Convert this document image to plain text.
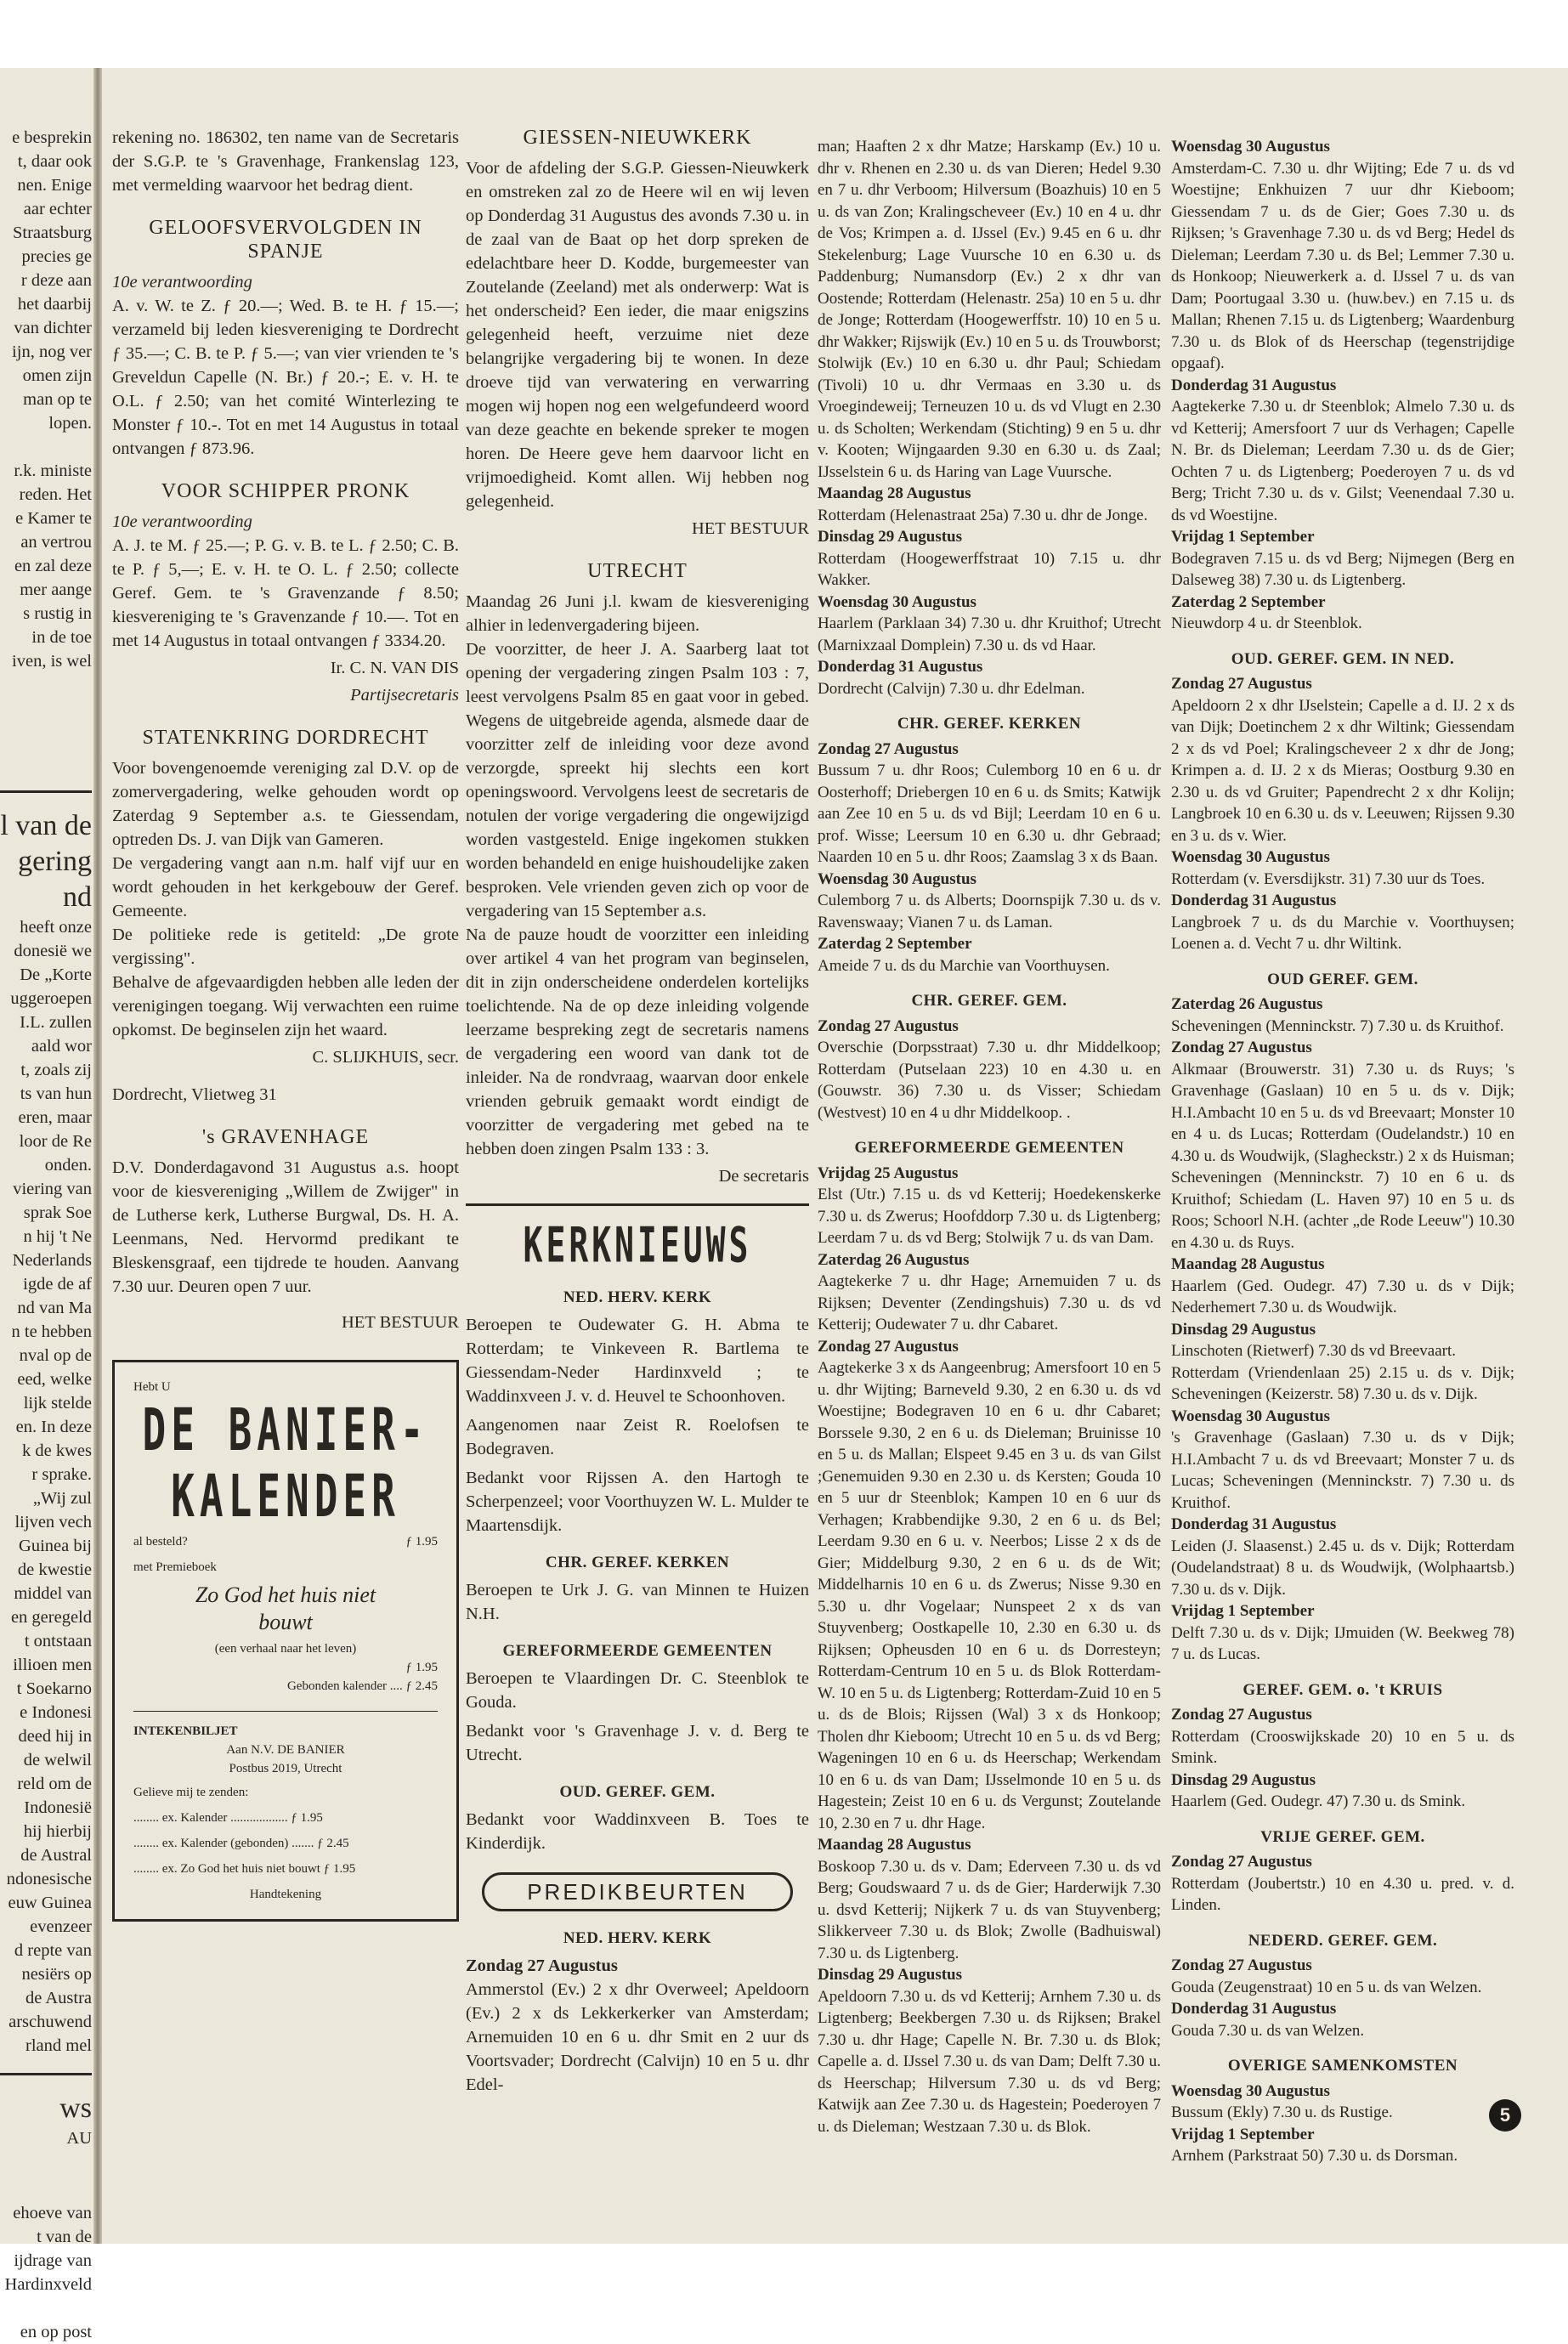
e besprekin
t, daar ook
nen. Enige
aar echter
Straatsburg
precies ge
r deze aan
het daarbij
van dichter
ijn, nog ver
omen zijn
man op te
lopen.

r.k. ministe
reden. Het
e Kamer te
an vertrou
en zal deze
mer aange
s rustig in
in de toe
iven, is wel
l van de
gering
nd
heeft onze
donesië we
De „Korte
uggeroepen
I.L. zullen
aald wor
t, zoals zij
ts van hun
eren, maar
loor de Re
onden.
viering van
sprak Soe
n hij 't Ne
Nederlands
igde de af
nd van Ma
n te hebben
nval op de
eed, welke
lijk stelde
en. In deze
k de kwes
r sprake.
„Wij zul
lijven vech
Guinea bij
de kwestie
middel van
en geregeld
t ontstaan
illioen men
t Soekarno
e Indonesi
deed hij in
de welwil
reld om de
Indonesië
hij hierbij
de Austral
ndonesische
euw Guinea
evenzeer
d repte van
nesiërs op
de Austra
arschuwend
rland mel
ws
AU
ehoeve van
t van de
ijdrage van
Hardinxveld

en op post

rekening no. 186302, ten name van de Secretaris der S.G.P. te 's Gravenhage, Frankenslag 123, met vermelding waarvoor het bedrag dient.

GELOOFSVERVOLGDEN IN SPANJE
10e verantwoording

A. v. W. te Z. ƒ 20.—; Wed. B. te H. ƒ 15.—; verzameld bij leden kiesvereniging te Dordrecht ƒ 35.—; C. B. te P. ƒ 5.—; van vier vrienden te 's Greveldun Capelle (N. Br.) ƒ 20.-; E. v. H. te O.L. ƒ 2.50; van het comité Winterlezing te Monster ƒ 10.-. Tot en met 14 Augustus in totaal ontvangen ƒ 873.96.

VOOR SCHIPPER PRONK
10e verantwoording

A. J. te M. ƒ 25.—; P. G. v. B. te L. ƒ 2.50; C. B. te P. ƒ 5,—; E. v. H. te O. L. ƒ 2.50; collecte Geref. Gem. te 's Gravenzande ƒ 8.50; kiesvereniging te 's Gravenzande ƒ 10.—. Tot en met 14 Augustus in totaal ontvangen ƒ 3334.20.

Ir. C. N. VAN DIS
Partijsecretaris
STATENKRING DORDRECHT

Voor bovengenoemde vereniging zal D.V. op de zomervergadering, welke gehouden wordt op Zaterdag 9 September a.s. te Giessendam, optreden Ds. J. van Dijk van Gameren.

De vergadering vangt aan n.m. half vijf uur en wordt gehouden in het kerkgebouw der Geref. Gemeente.

De politieke rede is getiteld: „De grote vergissing".

Behalve de afgevaardigden hebben alle leden der verenigingen toegang. Wij verwachten een ruime opkomst. De beginselen zijn het waard.

C. SLIJKHUIS, secr.

Dordrecht, Vlietweg 31

's GRAVENHAGE

D.V. Donderdagavond 31 Augustus a.s. hoopt voor de kiesvereniging „Willem de Zwijger" in de Lutherse kerk, Lutherse Burgwal, Ds. H. A. Leenmans, Ned. Hervormd predikant te Bleskensgraaf, een tijdrede te houden. Aanvang 7.30 uur. Deuren open 7 uur.

HET BESTUUR
Hebt U
DE BANIER-
KALENDER
al besteld?	ƒ 1.95
met Premieboek
Zo God het huis niet
bouwt
(een verhaal naar het leven)
ƒ 1.95
Gebonden kalender .... ƒ 2.45
INTEKENBILJET
Aan N.V. DE BANIER
Postbus 2019, Utrecht
Gelieve mij te zenden:
........ ex. Kalender .................. ƒ 1.95
........ ex. Kalender (gebonden) ....... ƒ 2.45
........ ex. Zo God het huis niet bouwt ƒ 1.95
Handtekening
GIESSEN-NIEUWKERK

Voor de afdeling der S.G.P. Giessen-Nieuwkerk en omstreken zal zo de Heere wil en wij leven op Donderdag 31 Augustus des avonds 7.30 u. in de zaal van de Baat op het dorp spreken de edelachtbare heer D. Kodde, burgemeester van Zoutelande (Zeeland) met als onderwerp: Wat is het onderscheid? Een ieder, die maar enigszins gelegenheid heeft, verzuime niet deze belangrijke vergadering bij te wonen. In deze droeve tijd van verwatering en verwarring mogen wij hopen nog een welgefundeerd woord van deze geachte en bekende spreker te mogen horen. De Heere geve hem daarvoor licht en vrijmoedigheid. Komt allen. Wij hebben nog gelegenheid.

HET BESTUUR
UTRECHT

Maandag 26 Juni j.l. kwam de kiesvereniging alhier in ledenvergadering bijeen.

De voorzitter, de heer J. A. Saarberg laat tot opening der vergadering zingen Psalm 103 : 7, leest vervolgens Psalm 85 en gaat voor in gebed. Wegens de uitgebreide agenda, alsmede daar de voorzitter zelf de inleiding voor deze avond verzorgde, spreekt hij slechts een kort openingswoord. Vervolgens leest de secretaris de notulen der vorige vergadering die ongewijzigd worden vastgesteld. Enige ingekomen stukken worden behandeld en enige huishoudelijke zaken besproken. Vele vrienden geven zich op voor de vergadering van 15 September a.s.

Na de pauze houdt de voorzitter een inleiding over artikel 4 van het program van beginselen, dit in zijn onderscheidene onderdelen kortelijks toelichtende. Na de op deze inleiding volgende leerzame bespreking zegt de secretaris namens de vergadering een woord van dank tot de inleider. Na de rondvraag, waarvan door enkele vrienden gebruik gemaakt wordt eindigt de voorzitter de vergadering met gebed na te hebben doen zingen Psalm 133 : 3.

De secretaris
KERKNIEUWS
NED. HERV. KERK

Beroepen te Oudewater G. H. Abma te Rotterdam; te Vinkeveen R. Bartlema te Giessendam-Neder Hardinxveld ; te Waddinxveen J. v. d. Heuvel te Schoonhoven.

Aangenomen naar Zeist R. Roelofsen te Bodegraven.

Bedankt voor Rijssen A. den Hartogh te Scherpenzeel; voor Voorthuyzen W. L. Mulder te Maartensdijk.

CHR. GEREF. KERKEN

Beroepen te Urk J. G. van Minnen te Huizen N.H.

GEREFORMEERDE GEMEENTEN

Beroepen te Vlaardingen Dr. C. Steenblok te Gouda.

Bedankt voor 's Gravenhage J. v. d. Berg te Utrecht.

OUD. GEREF. GEM.

Bedankt voor Waddinxveen B. Toes te Kinderdijk.

PREDIKBEURTEN
NED. HERV. KERK
Zondag 27 Augustus

Ammerstol (Ev.) 2 x dhr Overweel; Apeldoorn (Ev.) 2 x ds Lekkerkerker van Amsterdam; Arnemuiden 10 en 6 u. dhr Smit en 2 uur ds Voortsvader; Dordrecht (Calvijn) 10 en 5 u. dhr Edel-

man; Haaften 2 x dhr Matze; Harskamp (Ev.) 10 u. dhr v. Rhenen en 2.30 u. ds van Dieren; Hedel 9.30 en 7 u. dhr Verboom; Hilversum (Boazhuis) 10 en 5 u. ds van Zon; Kralingscheveer (Ev.) 10 en 4 u. dhr de Vos; Krimpen a. d. IJssel (Ev.) 9.45 en 6 u. dhr Stekelenburg; Lage Vuursche 10 en 6.30 u. ds Paddenburg; Numansdorp (Ev.) 2 x dhr van Oostende; Rotterdam (Helenastr. 25a) 10 en 5 u. dhr de Jonge; Rotterdam (Hoogewerffstr. 10) 10 en 5 u. dhr Wakker; Rijswijk (Ev.) 10 en 5 u. ds Trouwborst; Stolwijk (Ev.) 10 en 6.30 u. dhr Paul; Schiedam (Tivoli) 10 u. dhr Vermaas en 3.30 u. ds Vroegindeweij; Terneuzen 10 u. ds vd Vlugt en 2.30 u. ds Scholten; Werkendam (Stichting) 9 en 5 u. dhr v. Kooten; Wijngaarden 9.30 en 6.30 u. ds Zaal; IJsselstein 6 u. ds Haring van Lage Vuursche.

Maandag 28 Augustus

Rotterdam (Helenastraat 25a) 7.30 u. dhr de Jonge.

Dinsdag 29 Augustus

Rotterdam (Hoogewerffstraat 10) 7.15 u. dhr Wakker.

Woensdag 30 Augustus

Haarlem (Parklaan 34) 7.30 u. dhr Kruithof; Utrecht (Marnixzaal Domplein) 7.30 u. ds vd Haar.

Donderdag 31 Augustus

Dordrecht (Calvijn) 7.30 u. dhr Edelman.

CHR. GEREF. KERKEN
Zondag 27 Augustus

Bussum 7 u. dhr Roos; Culemborg 10 en 6 u. dr Oosterhoff; Driebergen 10 en 6 u. ds Smits; Katwijk aan Zee 10 en 5 u. ds vd Bijl; Leerdam 10 en 6 u. prof. Wisse; Leersum 10 en 6.30 u. dhr Gebraad; Naarden 10 en 5 u. dhr Roos; Zaamslag 3 x ds Baan.

Woensdag 30 Augustus

Culemborg 7 u. ds Alberts; Doornspijk 7.30 u. ds v. Ravenswaay; Vianen 7 u. ds Laman.

Zaterdag 2 September

Ameide 7 u. ds du Marchie van Voorthuysen.

CHR. GEREF. GEM.
Zondag 27 Augustus

Overschie (Dorpsstraat) 7.30 u. dhr Middelkoop; Rotterdam (Putselaan 223) 10 en 4.30 u. en (Gouwstr. 36) 7.30 u. ds Visser; Schiedam (Westvest) 10 en 4 u dhr Middelkoop. .

GEREFORMEERDE GEMEENTEN
Vrijdag 25 Augustus

Elst (Utr.) 7.15 u. ds vd Ketterij; Hoedekenskerke 7.30 u. ds Zwerus; Hoofddorp 7.30 u. ds Ligtenberg; Leerdam 7 u. ds vd Berg; Stolwijk 7 u. ds van Dam.

Zaterdag 26 Augustus

Aagtekerke 7 u. dhr Hage; Arnemuiden 7 u. ds Rijksen; Deventer (Zendingshuis) 7.30 u. ds vd Ketterij; Oudewater 7 u. dhr Cabaret.

Zondag 27 Augustus

Aagtekerke 3 x ds Aangeenbrug; Amersfoort 10 en 5 u. dhr Wijting; Barneveld 9.30, 2 en 6.30 u. ds vd Woestijne; Bodegraven 10 en 6 u. dhr Cabaret; Borssele 9.30, 2 en 6 u. ds Dieleman; Bruinisse 10 en 5 u. ds Mallan; Elspeet 9.45 en 3 u. ds van Gilst ;Genemuiden 9.30 en 2.30 u. ds Kersten; Gouda 10 en 5 uur dr Steenblok; Kampen 10 en 6 uur ds Verhagen; Krabbendijke 9.30, 2 en 6 u. ds Bel; Leerdam 9.30 en 6 u. v. Neerbos; Lisse 2 x ds de Gier; Middelburg 9.30, 2 en 6 u. ds de Wit; Middelharnis 10 en 6 u. ds Zwerus; Nisse 9.30 en 5.30 u. dhr Vogelaar; Nunspeet 2 x ds van Stuyvenberg; Oostkapelle 10, 2.30 en 6.30 u. ds Rijksen; Opheusden 10 en 6 u. ds Dorresteyn; Rotterdam-Centrum 10 en 5 u. ds Blok Rotterdam-W. 10 en 5 u. ds Ligtenberg; Rotterdam-Zuid 10 en 5 u. ds de Blois; Rijssen (Wal) 3 x ds Honkoop; Tholen dhr Kieboom; Utrecht 10 en 5 u. ds vd Berg; Wageningen 10 en 6 u. ds Heerschap; Werkendam 10 en 6 u. ds van Dam; IJsselmonde 10 en 5 u. ds Hagestein; Zeist 10 en 6 u. ds Vergunst; Zoutelande 10, 2.30 en 7 u. dhr Hage.

Maandag 28 Augustus

Boskoop 7.30 u. ds v. Dam; Ederveen 7.30 u. ds vd Berg; Goudswaard 7 u. ds de Gier; Harderwijk 7.30 u. dsvd Ketterij; Nijkerk 7 u. ds van Stuyvenberg; Slikkerveer 7.30 u. ds Blok; Zwolle (Badhuiswal) 7.30 u. ds Ligtenberg.

Dinsdag 29 Augustus

Apeldoorn 7.30 u. ds vd Ketterij; Arnhem 7.30 u. ds Ligtenberg; Beekbergen 7.30 u. ds Rijksen; Brakel 7.30 u. dhr Hage; Capelle N. Br. 7.30 u. ds Blok; Capelle a. d. IJssel 7.30 u. ds van Dam; Delft 7.30 u. ds Heerschap; Hilversum 7.30 u. ds vd Berg; Katwijk aan Zee 7.30 u. ds Hagestein; Poederoyen 7 u. ds Dieleman; Westzaan 7.30 u. ds Blok.

Woensdag 30 Augustus

Amsterdam-C. 7.30 u. dhr Wijting; Ede 7 u. ds vd Woestijne; Enkhuizen 7 uur dhr Kieboom; Giessendam 7 u. ds de Gier; Goes 7.30 u. ds Rijksen; 's Gravenhage 7.30 u. ds vd Berg; Hedel ds Dieleman; Leerdam 7.30 u. ds Bel; Lemmer 7.30 u. ds Honkoop; Nieuwerkerk a. d. IJssel 7 u. ds van Dam; Poortugaal 3.30 u. (huw.bev.) en 7.15 u. ds Mallan; Rhenen 7.15 u. ds Ligtenberg; Waardenburg 7.30 u. ds Blok of ds Heerschap (tegenstrijdige opgaaf).

Donderdag 31 Augustus

Aagtekerke 7.30 u. dr Steenblok; Almelo 7.30 u. ds vd Ketterij; Amersfoort 7 uur ds Verhagen; Capelle N. Br. ds Dieleman; Leerdam 7.30 u. ds de Gier; Ochten 7 u. ds Ligtenberg; Poederoyen 7 u. ds vd Berg; Tricht 7.30 u. ds v. Gilst; Veenendaal 7.30 u. ds vd Woestijne.

Vrijdag 1 September

Bodegraven 7.15 u. ds vd Berg; Nijmegen (Berg en Dalseweg 38) 7.30 u. ds Ligtenberg.

Zaterdag 2 September

Nieuwdorp 4 u. dr Steenblok.

OUD. GEREF. GEM. IN NED.
Zondag 27 Augustus

Apeldoorn 2 x dhr IJselstein; Capelle a d. IJ. 2 x ds van Dijk; Doetinchem 2 x dhr Wiltink; Giessendam 2 x ds vd Poel; Kralingscheveer 2 x dhr de Jong; Krimpen a. d. IJ. 2 x ds Mieras; Oostburg 9.30 en 2.30 u. ds vd Gruiter; Papendrecht 2 x dhr Kolijn; Langbroek 10 en 6.30 u. ds v. Leeuwen; Rijssen 9.30 en 3 u. ds v. Wier.

Woensdag 30 Augustus

Rotterdam (v. Eversdijkstr. 31) 7.30 uur ds Toes.

Donderdag 31 Augustus

Langbroek 7 u. ds du Marchie v. Voorthuysen; Loenen a. d. Vecht 7 u. dhr Wiltink.

OUD GEREF. GEM.
Zaterdag 26 Augustus

Scheveningen (Menninckstr. 7) 7.30 u. ds Kruithof.

Zondag 27 Augustus

Alkmaar (Brouwerstr. 31) 7.30 u. ds Ruys; 's Gravenhage (Gaslaan) 10 en 5 u. ds v. Dijk; H.I.Ambacht 10 en 5 u. ds vd Breevaart; Monster 10 en 4 u. ds Lucas; Rotterdam (Oudelandstr.) 10 en 4.30 u. ds Woudwijk, (Slagheckstr.) 2 x ds Huisman; Scheveningen (Menninckstr. 7) 10 en 6 u. ds Kruithof; Schiedam (L. Haven 97) 10 en 5 u. ds Roos; Schoorl N.H. (achter „de Rode Leeuw") 10.30 en 4.30 u. ds Ruys.

Maandag 28 Augustus

Haarlem (Ged. Oudegr. 47) 7.30 u. ds v Dijk; Nederhemert 7.30 u. ds Woudwijk.

Dinsdag 29 Augustus

Linschoten (Rietwerf) 7.30 ds vd Breevaart.

Rotterdam (Vriendenlaan 25) 2.15 u. ds v. Dijk; Scheveningen (Keizerstr. 58) 7.30 u. ds v. Dijk.

Woensdag 30 Augustus

's Gravenhage (Gaslaan) 7.30 u. ds v Dijk; H.I.Ambacht 7 u. ds vd Breevaart; Monster 7 u. ds Lucas; Scheveningen (Menninckstr. 7) 7.30 u. ds Kruithof.

Donderdag 31 Augustus

Leiden (J. Slaasenst.) 2.45 u. ds v. Dijk; Rotterdam (Oudelandstraat) 8 u. ds Woudwijk, (Wolphaartsb.) 7.30 u. ds v. Dijk.

Vrijdag 1 September

Delft 7.30 u. ds v. Dijk; IJmuiden (W. Beekweg 78) 7 u. ds Lucas.

GEREF. GEM. o. 't KRUIS
Zondag 27 Augustus

Rotterdam (Crooswijkskade 20) 10 en 5 u. ds Smink.

Dinsdag 29 Augustus

Haarlem (Ged. Oudegr. 47) 7.30 u. ds Smink.

VRIJE GEREF. GEM.
Zondag 27 Augustus

Rotterdam (Joubertstr.) 10 en 4.30 u. pred. v. d. Linden.

NEDERD. GEREF. GEM.
Zondag 27 Augustus

Gouda (Zeugenstraat) 10 en 5 u. ds van Welzen.

Donderdag 31 Augustus

Gouda 7.30 u. ds van Welzen.

OVERIGE SAMENKOMSTEN
Woensdag 30 Augustus

Bussum (Ekly) 7.30 u. ds Rustige.

Vrijdag 1 September

Arnhem (Parkstraat 50) 7.30 u. ds Dorsman.

5
